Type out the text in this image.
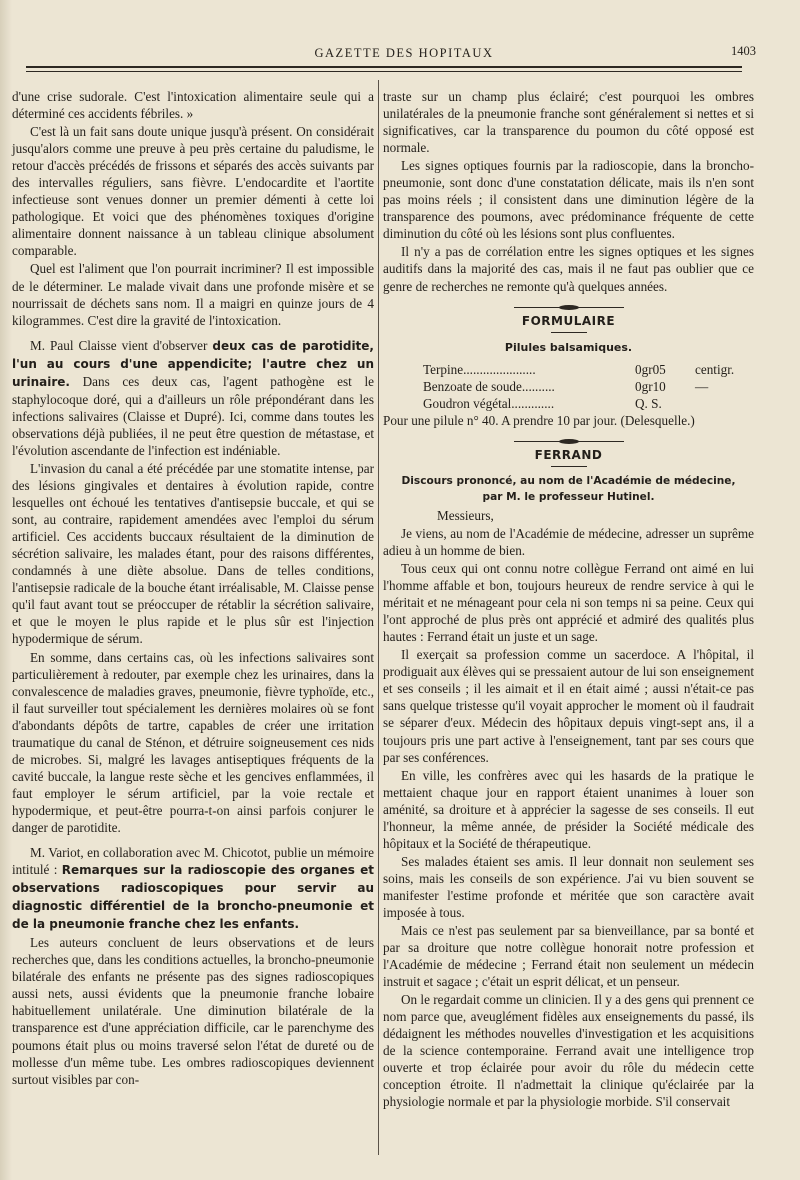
GAZETTE DES HOPITAUX	1403

d'une crise sudorale. C'est l'intoxication alimentaire seule qui a déterminé ces accidents fébriles. »

C'est là un fait sans doute unique jusqu'à présent. On considérait jusqu'alors comme une preuve à peu près certaine du paludisme, le retour d'accès précédés de frissons et séparés des accès suivants par des intervalles réguliers, sans fièvre. L'endocardite et l'aortite infectieuse sont venues donner un premier démenti à cette loi pathologique. Et voici que des phénomènes toxiques d'origine alimentaire donnent naissance à un tableau clinique absolument comparable.

Quel est l'aliment que l'on pourrait incriminer? Il est impossible de le déterminer. Le malade vivait dans une profonde misère et se nourrissait de déchets sans nom. Il a maigri en quinze jours de 4 kilogrammes. C'est dire la gravité de l'intoxication.

M. Paul Claisse vient d'observer deux cas de parotidite, l'un au cours d'une appendicite; l'autre chez un urinaire. Dans ces deux cas, l'agent pathogène est le staphylocoque doré, qui a d'ailleurs un rôle prépondérant dans les infections salivaires (Claisse et Dupré). Ici, comme dans toutes les observations déjà publiées, il ne peut être question de métastase, et l'évolution ascendante de l'infection est indéniable.

L'invasion du canal a été précédée par une stomatite intense, par des lésions gingivales et dentaires à évolution rapide, contre lesquelles ont échoué les tentatives d'antisepsie buccale, et qui se sont, au contraire, rapidement amendées avec l'emploi du sérum artificiel. Ces accidents buccaux résultaient de la diminution de sécrétion salivaire, les malades étant, pour des raisons différentes, condamnés à une diète absolue. Dans de telles conditions, l'antisepsie radicale de la bouche étant irréalisable, M. Claisse pense qu'il faut avant tout se préoccuper de rétablir la sécrétion salivaire, et que le moyen le plus rapide et le plus sûr est l'injection hypodermique de sérum.

En somme, dans certains cas, où les infections salivaires sont particulièrement à redouter, par exemple chez les urinaires, dans la convalescence de maladies graves, pneumonie, fièvre typhoïde, etc., il faut surveiller tout spécialement les dernières molaires où se font d'abondants dépôts de tartre, capables de créer une irritation traumatique du canal de Sténon, et détruire soigneusement ces nids de microbes. Si, malgré les lavages antiseptiques fréquents de la cavité buccale, la langue reste sèche et les gencives enflammées, il faut employer le sérum artificiel, par la voie rectale et hypodermique, et peut-être pourra-t-on ainsi parfois conjurer le danger de parotidite.

M. Variot, en collaboration avec M. Chicotot, publie un mémoire intitulé : Remarques sur la radioscopie des organes et observations radioscopiques pour servir au diagnostic différentiel de la broncho-pneumonie et de la pneumonie franche chez les enfants.

Les auteurs concluent de leurs observations et de leurs recherches que, dans les conditions actuelles, la broncho-pneumonie bilatérale des enfants ne présente pas des signes radioscopiques aussi nets, aussi évidents que la pneumonie franche lobaire habituellement unilatérale. Une diminution bilatérale de la transparence est d'une appréciation difficile, car le parenchyme des poumons était plus ou moins traversé selon l'état de dureté ou de mollesse d'un même tube. Les ombres radioscopiques deviennent surtout visibles par con-

traste sur un champ plus éclairé; c'est pourquoi les ombres unilatérales de la pneumonie franche sont généralement si nettes et si significatives, car la transparence du poumon du côté opposé est normale.

Les signes optiques fournis par la radioscopie, dans la broncho-pneumonie, sont donc d'une constatation délicate, mais ils n'en sont pas moins réels ; il consistent dans une diminution légère de la transparence des poumons, avec prédominance fréquente de cette diminution du côté où les lésions sont plus confluentes.

Il n'y a pas de corrélation entre les signes optiques et les signes auditifs dans la majorité des cas, mais il ne faut pas oublier que ce genre de recherches ne remonte qu'à quelques années.

FORMULAIRE
Pilules balsamiques.
Terpine......................	0gr05	centigr.
Benzoate de soude..........	0gr10	—
Goudron végétal.............	Q. S.

Pour une pilule n° 40. A prendre 10 par jour. (Delesquelle.)

FERRAND
Discours prononcé, au nom de l'Académie de médecine,
par M. le professeur Hutinel.

Messieurs,

Je viens, au nom de l'Académie de médecine, adresser un suprême adieu à un homme de bien.

Tous ceux qui ont connu notre collègue Ferrand ont aimé en lui l'homme affable et bon, toujours heureux de rendre service à qui le méritait et ne ménageant pour cela ni son temps ni sa peine. Ceux qui l'ont approché de plus près ont apprécié et admiré des qualités plus hautes : Ferrand était un juste et un sage.

Il exerçait sa profession comme un sacerdoce. A l'hôpital, il prodiguait aux élèves qui se pressaient autour de lui son enseignement et ses conseils ; il les aimait et il en était aimé ; aussi n'était-ce pas sans quelque tristesse qu'il voyait approcher le moment où il faudrait se séparer d'eux. Médecin des hôpitaux depuis vingt-sept ans, il a toujours pris une part active à l'enseignement, tant par ses cours que par ses conférences.

En ville, les confrères avec qui les hasards de la pratique le mettaient chaque jour en rapport étaient unanimes à louer son aménité, sa droiture et à apprécier la sagesse de ses conseils. Il eut l'honneur, la même année, de présider la Société médicale des hôpitaux et la Société de thérapeutique.

Ses malades étaient ses amis. Il leur donnait non seulement ses soins, mais les conseils de son expérience. J'ai vu bien souvent se manifester l'estime profonde et méritée que son caractère avait imposée à tous.

Mais ce n'est pas seulement par sa bienveillance, par sa bonté et par sa droiture que notre collègue honorait notre profession et l'Académie de médecine ; Ferrand était non seulement un médecin instruit et sagace ; c'était un esprit délicat, et un penseur.

On le regardait comme un clinicien. Il y a des gens qui prennent ce nom parce que, aveuglément fidèles aux enseignements du passé, ils dédaignent les méthodes nouvelles d'investigation et les acquisitions de la science contemporaine. Ferrand avait une intelligence trop ouverte et trop éclairée pour avoir du rôle du médecin cette conception étroite. Il n'admettait la clinique qu'éclairée par la physiologie normale et par la physiologie morbide. S'il conservait
